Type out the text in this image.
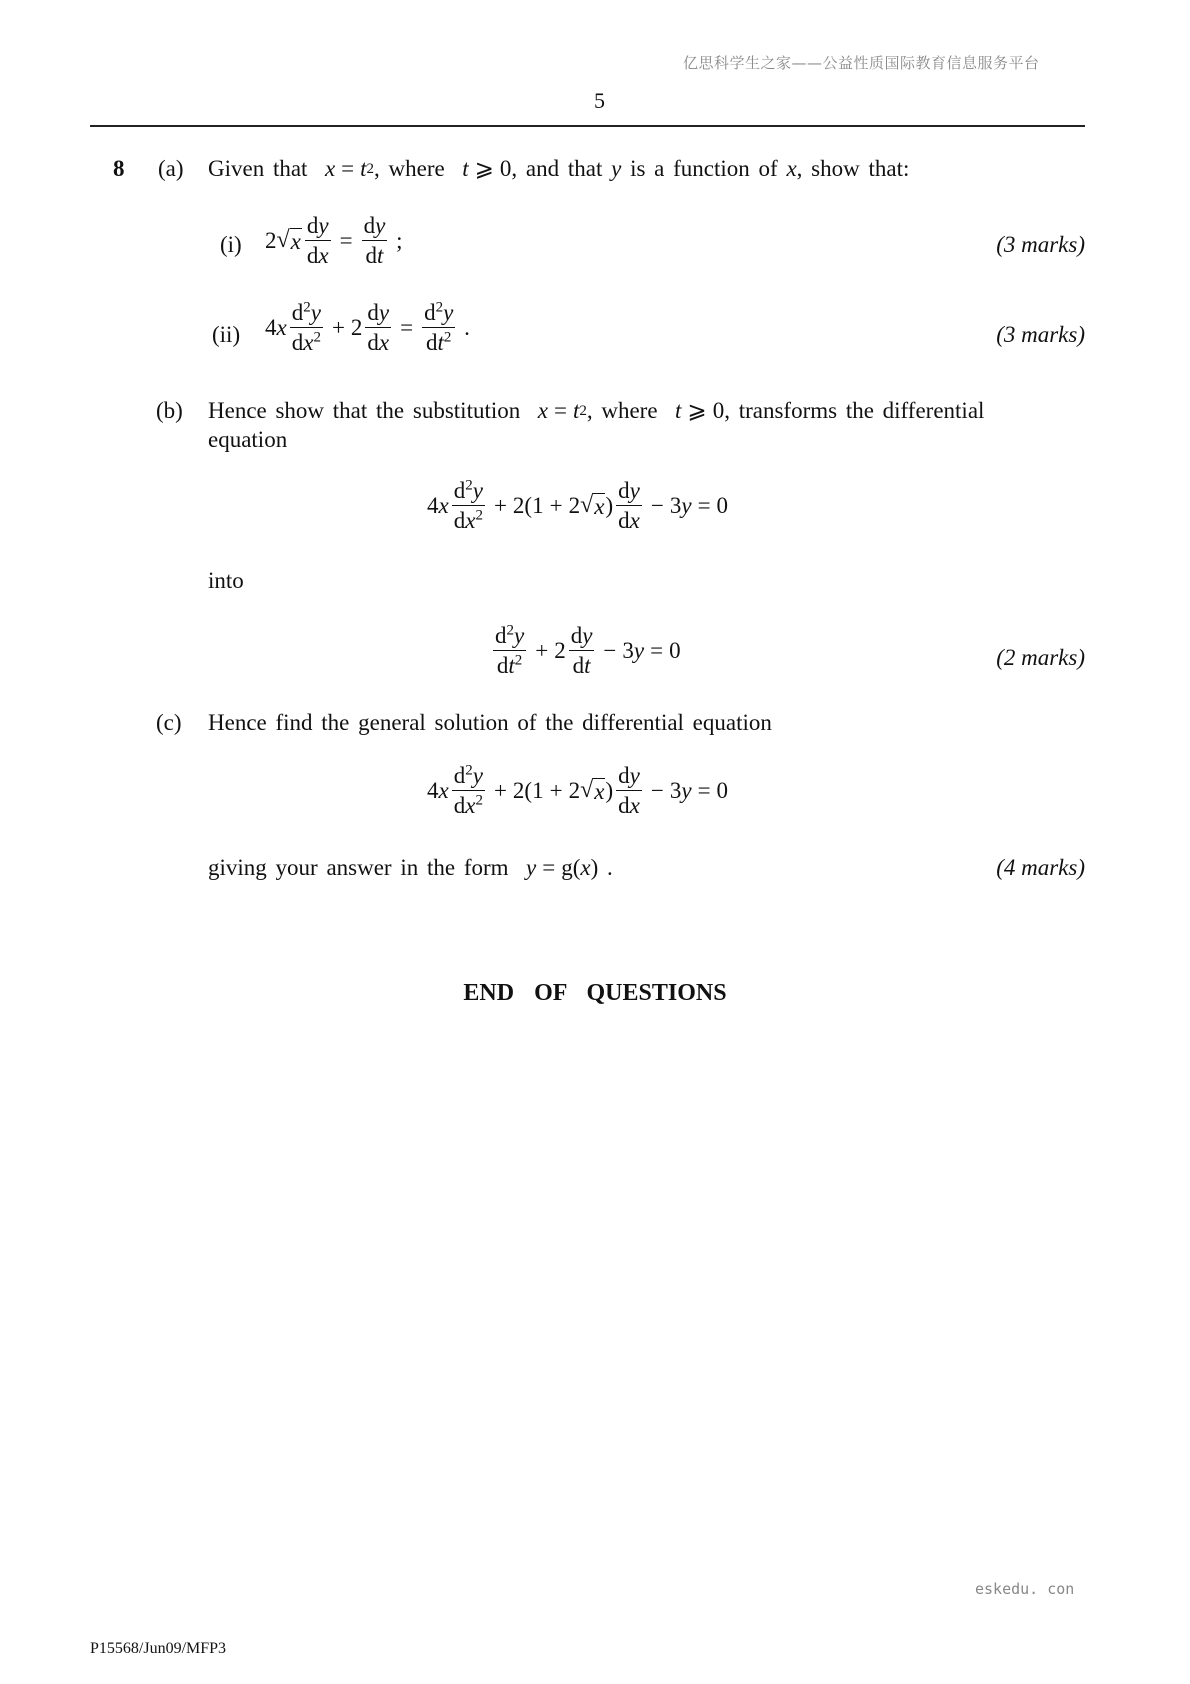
亿思科学生之家——公益性质国际教育信息服务平台
5
8 (a) Given that x = t 2 , where t ⩾ 0, and that y is a function of x, show that:
(i) 2 √ x $\frac{dy}{dx} = \frac{dy}{dt}$ ;	(3 marks)
(ii) 4 x $\frac{d^2y}{dx^2} + 2 \frac{dy}{dx} = \frac{d^2y}{dt^2}$ .	(3 marks)
(b) Hence show that the substitution x = t 2 , where t ⩾ 0, transforms the differential
equation
4 x $\frac{d^2y}{dx^2} + 2(1 + 2$ √ x ) $\frac{dy}{dx} - 3$ y = 0
into
$\frac{d^2y}{dt^2} + 2 \frac{dy}{dt} - 3$ y = 0	(2 marks)
(c) Hence find the general solution of the differential equation
4 x $\frac{d^2y}{dx^2} + 2(1 + 2$ √ x ) $\frac{dy}{dx} - 3$ y = 0
giving your answer in the form y = g( x ) .	(4 marks)
END OF QUESTIONS
eskedu. con
P15568/Jun09/MFP3
